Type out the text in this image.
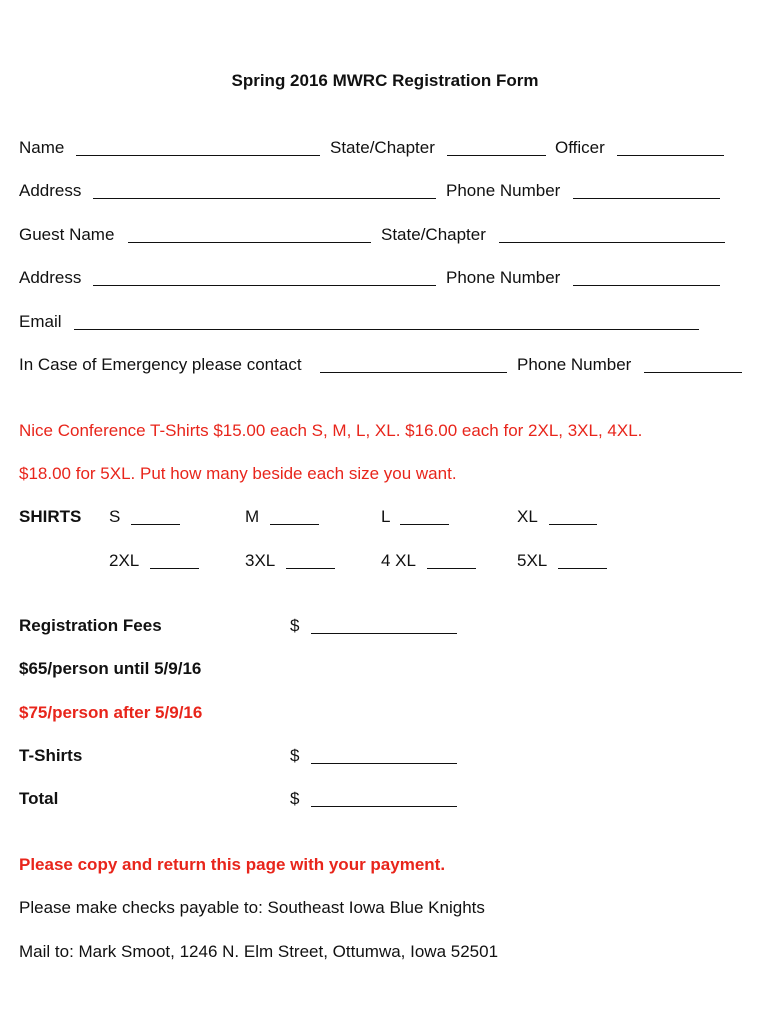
Spring 2016 MWRC Registration Form
Name	State/Chapter	Officer
Address	Phone Number
Guest Name	State/Chapter
Address	Phone Number
Email
In Case of Emergency please contact	Phone Number
Nice Conference T-Shirts $15.00 each S, M, L, XL. $16.00 each for 2XL, 3XL, 4XL.
$18.00 for 5XL. Put how many beside each size you want.
SHIRTS S	M	L	XL
2XL	3XL	4 XL	5XL
Registration Fees	$
$65/person until 5/9/16
$75/person after 5/9/16
T-Shirts	$
Total	$
Please copy and return this page with your payment.
Please make checks payable to: Southeast Iowa Blue Knights
Mail to: Mark Smoot, 1246 N. Elm Street, Ottumwa, Iowa 52501
